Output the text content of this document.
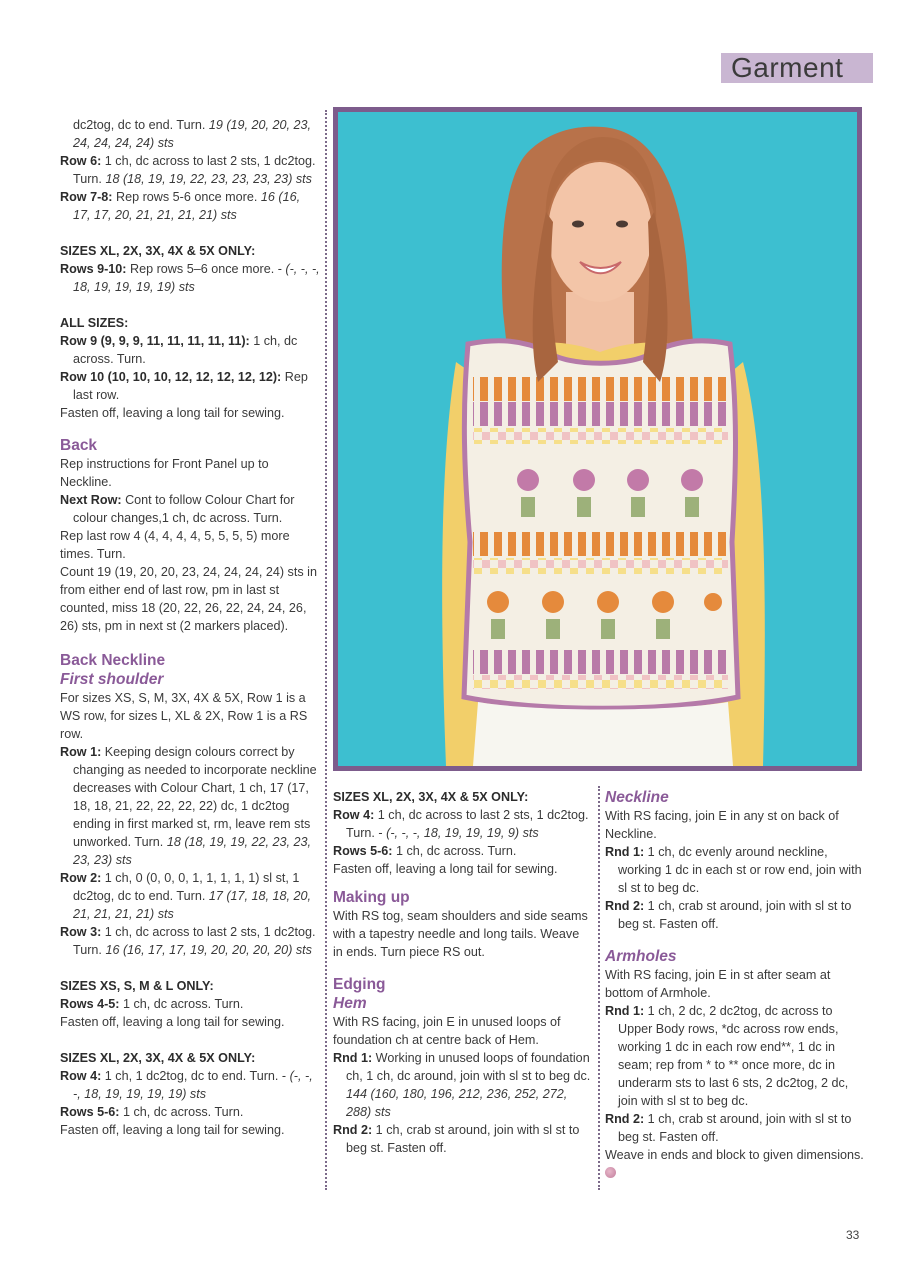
Garment

dc2tog, dc to end. Turn. 19 (19, 20, 20, 23, 24, 24, 24, 24) sts

Row 6: 1 ch, dc across to last 2 sts, 1 dc2tog. Turn. 18 (18, 19, 19, 22, 23, 23, 23, 23) sts

Row 7-8: Rep rows 5-6 once more. 16 (16, 17, 17, 20, 21, 21, 21, 21) sts

SIZES XL, 2X, 3X, 4X & 5X ONLY:

Rows 9-10: Rep rows 5–6 once more. - (-, -, -, 18, 19, 19, 19, 19) sts

ALL SIZES:

Row 9 (9, 9, 9, 11, 11, 11, 11, 11): 1 ch, dc across. Turn.

Row 10 (10, 10, 10, 12, 12, 12, 12, 12): Rep last row.

Fasten off, leaving a long tail for sewing.

Back

Rep instructions for Front Panel up to Neckline.

Next Row: Cont to follow Colour Chart for colour changes,1 ch, dc across. Turn.

Rep last row 4 (4, 4, 4, 4, 5, 5, 5, 5) more times. Turn.

Count 19 (19, 20, 20, 23, 24, 24, 24, 24) sts in from either end of last row, pm in last st counted, miss 18 (20, 22, 26, 22, 24, 24, 26, 26) sts, pm in next st (2 markers placed).

Back Neckline

First shoulder

For sizes XS, S, M, 3X, 4X & 5X, Row 1 is a WS row, for sizes L, XL & 2X, Row 1 is a RS row.

Row 1: Keeping design colours correct by changing as needed to incorporate neckline decreases with Colour Chart, 1 ch, 17 (17, 18, 18, 21, 22, 22, 22, 22) dc, 1 dc2tog ending in first marked st, rm, leave rem sts unworked. Turn. 18 (18, 19, 19, 22, 23, 23, 23, 23) sts

Row 2: 1 ch, 0 (0, 0, 0, 1, 1, 1, 1, 1) sl st, 1 dc2tog, dc to end. Turn. 17 (17, 18, 18, 20, 21, 21, 21, 21) sts

Row 3: 1 ch, dc across to last 2 sts, 1 dc2tog. Turn. 16 (16, 17, 17, 19, 20, 20, 20, 20) sts

SIZES XS, S, M & L ONLY:

Rows 4-5: 1 ch, dc across. Turn.

Fasten off, leaving a long tail for sewing.

SIZES XL, 2X, 3X, 4X & 5X ONLY:

Row 4: 1 ch, 1 dc2tog, dc to end. Turn. - (-, -, -, 18, 19, 19, 19, 19) sts

Rows 5-6: 1 ch, dc across. Turn.

Fasten off, leaving a long tail for sewing.

SIZES XL, 2X, 3X, 4X & 5X ONLY:

Row 4: 1 ch, dc across to last 2 sts, 1 dc2tog. Turn. - (-, -, -, 18, 19, 19, 19, 9) sts

Rows 5-6: 1 ch, dc across. Turn.

Fasten off, leaving a long tail for sewing.

Making up

With RS tog, seam shoulders and side seams with a tapestry needle and long tails. Weave in ends. Turn piece RS out.

Edging

Hem

With RS facing, join E in unused loops of foundation ch at centre back of Hem.

Rnd 1: Working in unused loops of foundation ch, 1 ch, dc around, join with sl st to beg dc. 144 (160, 180, 196, 212, 236, 252, 272, 288) sts

Rnd 2: 1 ch, crab st around, join with sl st to beg st. Fasten off.

Neckline

With RS facing, join E in any st on back of Neckline.

Rnd 1: 1 ch, dc evenly around neckline, working 1 dc in each st or row end, join with sl st to beg dc.

Rnd 2: 1 ch, crab st around, join with sl st to beg st. Fasten off.

Armholes

With RS facing, join E in st after seam at bottom of Armhole.

Rnd 1: 1 ch, 2 dc, 2 dc2tog, dc across to Upper Body rows, *dc across row ends, working 1 dc in each row end**, 1 dc in seam; rep from * to ** once more, dc in underarm sts to last 6 sts, 2 dc2tog, 2 dc, join with sl st to beg dc.

Rnd 2: 1 ch, crab st around, join with sl st to beg st. Fasten off.

Weave in ends and block to given dimensions.

33
